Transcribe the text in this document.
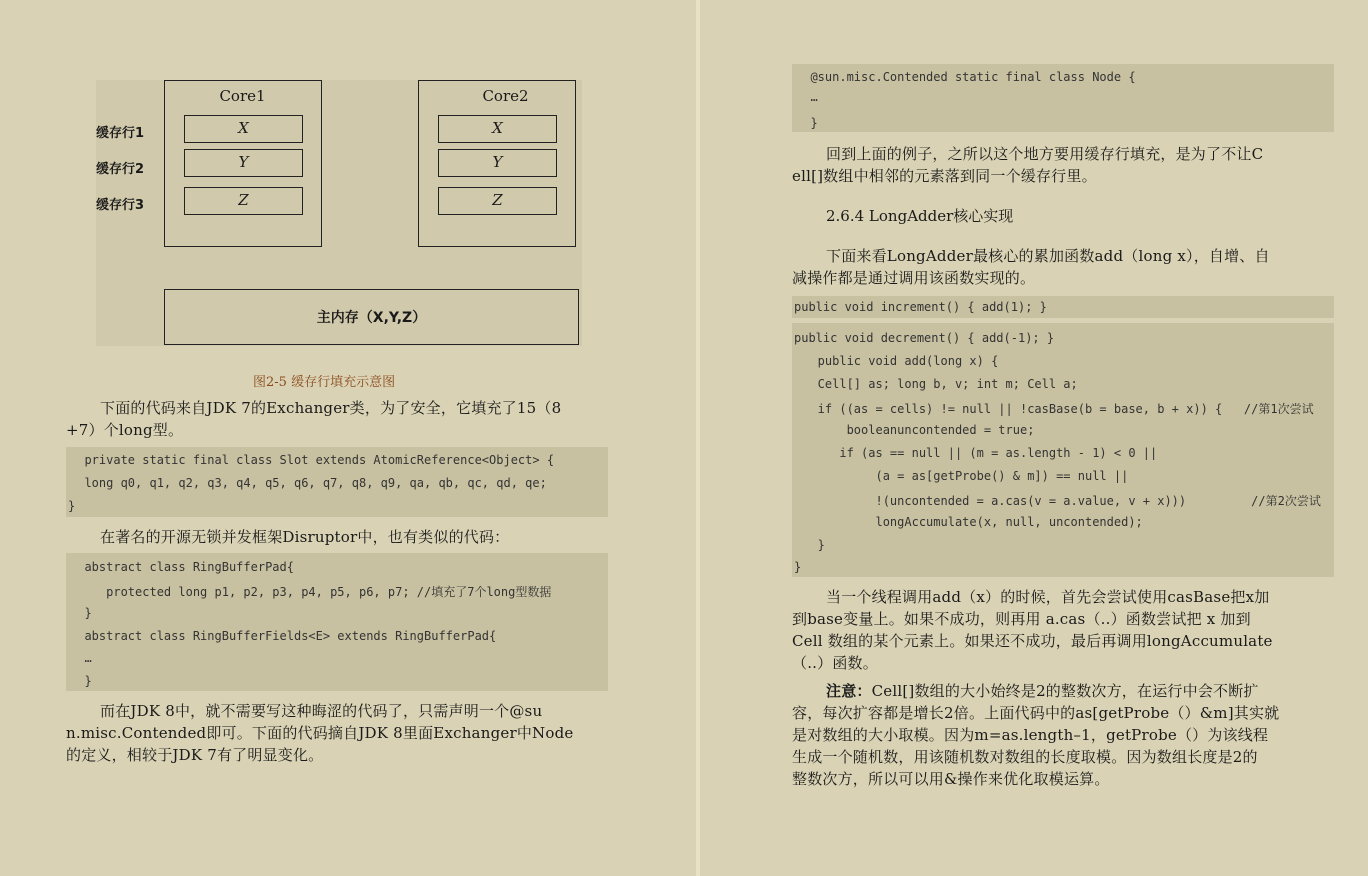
缓存行1
缓存行2
缓存行3
Core1
X
Y
Z
Core2
X
Y
Z
主内存（X,Y,Z）
图2-5 缓存行填充示意图
下面的代码来自JDK 7的Exchanger类，为了安全，它填充了15（8
+7）个long型。
private static final class Slot extends AtomicReference<Object> {
long q0, q1, q2, q3, q4, q5, q6, q7, q8, q9, qa, qb, qc, qd, qe;
}
在著名的开源无锁并发框架Disruptor中，也有类似的代码：
abstract class RingBufferPad{
protected long p1, p2, p3, p4, p5, p6, p7; //填充了7个long型数据
}
abstract class RingBufferFields<E> extends RingBufferPad{
…
}
而在JDK 8中，就不需要写这种晦涩的代码了，只需声明一个@su
n.misc.Contended即可。下面的代码摘自JDK 8里面Exchanger中Node
的定义，相较于JDK 7有了明显变化。
@sun.misc.Contended static final class Node {
…
}
回到上面的例子，之所以这个地方要用缓存行填充，是为了不让C
ell[]数组中相邻的元素落到同一个缓存行里。
2.6.4 LongAdder核心实现
下面来看LongAdder最核心的累加函数add（long x），自增、自
减操作都是通过调用该函数实现的。
public void increment() { add(1); }
public void decrement() { add(-1); }
public void add(long x) {
Cell[] as; long b, v; int m; Cell a;
if ((as = cells) != null || !casBase(b = base, b + x)) {   //第1次尝试
booleanuncontended = true;
if (as == null || (m = as.length - 1) < 0 ||
(a = as[getProbe() & m]) == null ||
!(uncontended = a.cas(v = a.value, v + x)))         //第2次尝试
longAccumulate(x, null, uncontended);
}
}
当一个线程调用add（x）的时候，首先会尝试使用casBase把x加
到base变量上。如果不成功，则再用 a.cas（..）函数尝试把 x 加到
Cell 数组的某个元素上。如果还不成功，最后再调用longAccumulate
（..）函数。
注意：Cell[]数组的大小始终是2的整数次方，在运行中会不断扩
容，每次扩容都是增长2倍。上面代码中的as[getProbe（）&m]其实就
是对数组的大小取模。因为m=as.length–1，getProbe（）为该线程
生成一个随机数，用该随机数对数组的长度取模。因为数组长度是2的
整数次方，所以可以用&操作来优化取模运算。
